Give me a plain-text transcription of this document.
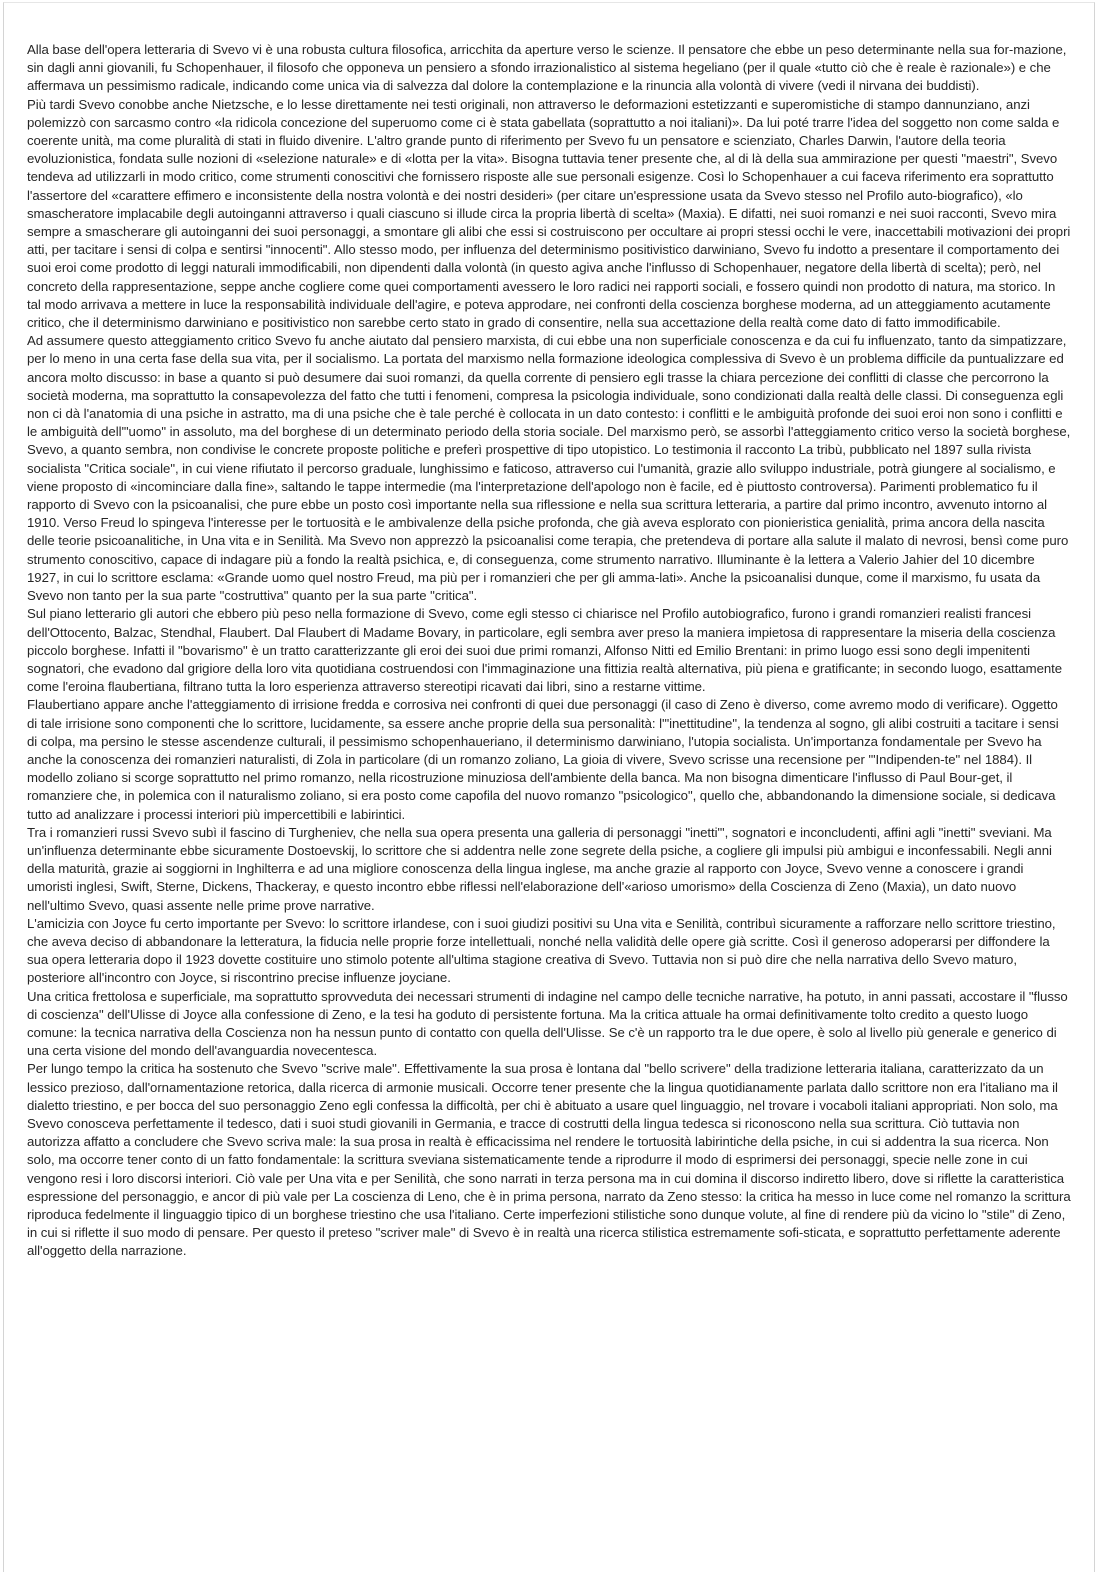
Alla base dell'opera letteraria di Svevo vi è una robusta cultura filosofica, arricchita da aperture verso le scienze. Il pensatore che ebbe un peso determinante nella sua for-mazione, sin dagli anni giovanili, fu Schopenhauer, il filosofo che opponeva un pensiero a sfondo irrazionalistico al sistema hegeliano (per il quale «tutto ciò che è reale è razionale») e che affermava un pessimismo radicale, indicando come unica via di salvezza dal dolore la contemplazione e la rinuncia alla volontà di vivere (vedi il nirvana dei buddisti).

Più tardi Svevo conobbe anche Nietzsche, e lo lesse direttamente nei testi originali, non attraverso le deformazioni estetizzanti e superomistiche di stampo dannunziano, anzi polemizzò con sarcasmo contro «la ridicola concezione del superuomo come ci è stata gabellata (soprattutto a noi italiani)». Da lui poté trarre l'idea del soggetto non come salda e coerente unità, ma come pluralità di stati in fluido divenire. L'altro grande punto di riferimento per Svevo fu un pensatore e scienziato, Charles Darwin, l'autore della teoria evoluzionistica, fondata sulle nozioni di «selezione naturale» e di «lotta per la vita». Bisogna tuttavia tener presente che, al di là della sua ammirazione per questi "maestri", Svevo tendeva ad utilizzarli in modo critico, come strumenti conoscitivi che fornissero risposte alle sue personali esigenze. Così lo Schopenhauer a cui faceva riferimento era soprattutto l'assertore del «carattere effimero e inconsistente della nostra volontà e dei nostri desideri» (per citare un'espressione usata da Svevo stesso nel Profilo auto-biografico), «lo smascheratore implacabile degli autoinganni attraverso i quali ciascuno si illude circa la propria libertà di scelta» (Maxia). E difatti, nei suoi romanzi e nei suoi racconti, Svevo mira sempre a smascherare gli autoinganni dei suoi personaggi, a smontare gli alibi che essi si costruiscono per occultare ai propri stessi occhi le vere, inaccettabili motivazioni dei propri atti, per tacitare i sensi di colpa e sentirsi "innocenti". Allo stesso modo, per influenza del determinismo positivistico darwiniano, Svevo fu indotto a presentare il comportamento dei suoi eroi come prodotto di leggi naturali immodificabili, non dipendenti dalla volontà (in questo agiva anche l'influsso di Schopenhauer, negatore della libertà di scelta); però, nel concreto della rappresentazione, seppe anche cogliere come quei comportamenti avessero le loro radici nei rapporti sociali, e fossero quindi non prodotto di natura, ma storico. In tal modo arrivava a mettere in luce la responsabilità individuale dell'agire, e poteva approdare, nei confronti della coscienza borghese moderna, ad un atteggiamento acutamente critico, che il determinismo darwiniano e positivistico non sarebbe certo stato in grado di consentire, nella sua accettazione della realtà come dato di fatto immodificabile.

Ad assumere questo atteggiamento critico Svevo fu anche aiutato dal pensiero marxista, di cui ebbe una non superficiale conoscenza e da cui fu influenzato, tanto da simpatizzare, per lo meno in una certa fase della sua vita, per il socialismo. La portata del marxismo nella formazione ideologica complessiva di Svevo è un problema difficile da puntualizzare ed ancora molto discusso: in base a quanto si può desumere dai suoi romanzi, da quella corrente di pensiero egli trasse la chiara percezione dei conflitti di classe che percorrono la società moderna, ma soprattutto la consapevolezza del fatto che tutti i fenomeni, compresa la psicologia individuale, sono condizionati dalla realtà delle classi. Di conseguenza egli non ci dà l'anatomia di una psiche in astratto, ma di una psiche che è tale perché è collocata in un dato contesto: i conflitti e le ambiguità profonde dei suoi eroi non sono i conflitti e le ambiguità dell'"uomo" in assoluto, ma del borghese di un determinato periodo della storia sociale. Del marxismo però, se assorbì l'atteggiamento critico verso la società borghese, Svevo, a quanto sembra, non condivise le concrete proposte politiche e preferì prospettive di tipo utopistico. Lo testimonia il racconto La tribù, pubblicato nel 1897 sulla rivista socialista "Critica sociale", in cui viene rifiutato il percorso graduale, lunghissimo e faticoso, attraverso cui l'umanità, grazie allo sviluppo industriale, potrà giungere al socialismo, e viene proposto di «incominciare dalla fine», saltando le tappe intermedie (ma l'interpretazione dell'apologo non è facile, ed è piuttosto controversa). Parimenti problematico fu il rapporto di Svevo con la psicoanalisi, che pure ebbe un posto così importante nella sua riflessione e nella sua scrittura letteraria, a partire dal primo incontro, avvenuto intorno al 1910. Verso Freud lo spingeva l'interesse per le tortuosità e le ambivalenze della psiche profonda, che già aveva esplorato con pionieristica genialità, prima ancora della nascita delle teorie psicoanalitiche, in Una vita e in Senilità. Ma Svevo non apprezzò la psicoanalisi come terapia, che pretendeva di portare alla salute il malato di nevrosi, bensì come puro strumento conoscitivo, capace di indagare più a fondo la realtà psichica, e, di conseguenza, come strumento narrativo. Illuminante è la lettera a Valerio Jahier del 10 dicembre 1927, in cui lo scrittore esclama: «Grande uomo quel nostro Freud, ma più per i romanzieri che per gli amma-lati». Anche la psicoanalisi dunque, come il marxismo, fu usata da Svevo non tanto per la sua parte "costruttiva" quanto per la sua parte "critica".

Sul piano letterario gli autori che ebbero più peso nella formazione di Svevo, come egli stesso ci chiarisce nel Profilo autobiografico, furono i grandi romanzieri realisti francesi dell'Ottocento, Balzac, Stendhal, Flaubert. Dal Flaubert di Madame Bovary, in particolare, egli sembra aver preso la maniera impietosa di rappresentare la miseria della coscienza piccolo borghese. Infatti il "bovarismo" è un tratto caratterizzante gli eroi dei suoi due primi romanzi, Alfonso Nitti ed Emilio Brentani: in primo luogo essi sono degli impenitenti sognatori, che evadono dal grigiore della loro vita quotidiana costruendosi con l'immaginazione una fittizia realtà alternativa, più piena e gratificante; in secondo luogo, esattamente come l'eroina flaubertiana, filtrano tutta la loro esperienza attraverso stereotipi ricavati dai libri, sino a restarne vittime.

Flaubertiano appare anche l'atteggiamento di irrisione fredda e corrosiva nei confronti di quei due personaggi (il caso di Zeno è diverso, come avremo modo di verificare). Oggetto di tale irrisione sono componenti che lo scrittore, lucidamente, sa essere anche proprie della sua personalità: l'"inettitudine", la tendenza al sogno, gli alibi costruiti a tacitare i sensi di colpa, ma persino le stesse ascendenze culturali, il pessimismo schopenhaueriano, il determinismo darwiniano, l'utopia socialista. Un'importanza fondamentale per Svevo ha anche la conoscenza dei romanzieri naturalisti, di Zola in particolare (di un romanzo zoliano, La gioia di vivere, Svevo scrisse una recensione per "'Indipenden-te" nel 1884). Il modello zoliano si scorge soprattutto nel primo romanzo, nella ricostruzione minuziosa dell'ambiente della banca. Ma non bisogna dimenticare l'influsso di Paul Bour-get, il romanziere che, in polemica con il naturalismo zoliano, si era posto come capofila del nuovo romanzo "psicologico", quello che, abbandonando la dimensione sociale, si dedicava tutto ad analizzare i processi interiori più impercettibili e labirintici.

Tra i romanzieri russi Svevo subì il fascino di Turgheniev, che nella sua opera presenta una galleria di personaggi "inetti"', sognatori e inconcludenti, affini agli "inetti" sveviani. Ma un'influenza determinante ebbe sicuramente Dostoevskij, lo scrittore che si addentra nelle zone segrete della psiche, a cogliere gli impulsi più ambigui e inconfessabili. Negli anni della maturità, grazie ai soggiorni in Inghilterra e ad una migliore conoscenza della lingua inglese, ma anche grazie al rapporto con Joyce, Svevo venne a conoscere i grandi umoristi inglesi, Swift, Sterne, Dickens, Thackeray, e questo incontro ebbe riflessi nell'elaborazione dell'«arioso umorismo» della Coscienza di Zeno (Maxia), un dato nuovo nell'ultimo Svevo, quasi assente nelle prime prove narrative.

L'amicizia con Joyce fu certo importante per Svevo: lo scrittore irlandese, con i suoi giudizi positivi su Una vita e Senilità, contribuì sicuramente a rafforzare nello scrittore triestino, che aveva deciso di abbandonare la letteratura, la fiducia nelle proprie forze intellettuali, nonché nella validità delle opere già scritte. Così il generoso adoperarsi per diffondere la sua opera letteraria dopo il 1923 dovette costituire uno stimolo potente all'ultima stagione creativa di Svevo. Tuttavia non si può dire che nella narrativa dello Svevo maturo, posteriore all'incontro con Joyce, si riscontrino precise influenze joyciane.

Una critica frettolosa e superficiale, ma soprattutto sprovveduta dei necessari strumenti di indagine nel campo delle tecniche narrative, ha potuto, in anni passati, accostare il "flusso di coscienza" dell'Ulisse di Joyce alla confessione di Zeno, e la tesi ha goduto di persistente fortuna. Ma la critica attuale ha ormai definitivamente tolto credito a questo luogo comune: la tecnica narrativa della Coscienza non ha nessun punto di contatto con quella dell'Ulisse. Se c'è un rapporto tra le due opere, è solo al livello più generale e generico di una certa visione del mondo dell'avanguardia novecentesca.

Per lungo tempo la critica ha sostenuto che Svevo "scrive male". Effettivamente la sua prosa è lontana dal "bello scrivere" della tradizione letteraria italiana, caratterizzato da un lessico prezioso, dall'ornamentazione retorica, dalla ricerca di armonie musicali. Occorre tener presente che la lingua quotidianamente parlata dallo scrittore non era l'italiano ma il dialetto triestino, e per bocca del suo personaggio Zeno egli confessa la difficoltà, per chi è abituato a usare quel linguaggio, nel trovare i vocaboli italiani appropriati. Non solo, ma Svevo conosceva perfettamente il tedesco, dati i suoi studi giovanili in Germania, e tracce di costrutti della lingua tedesca si riconoscono nella sua scrittura. Ciò tuttavia non autorizza affatto a concludere che Svevo scriva male: la sua prosa in realtà è efficacissima nel rendere le tortuosità labirintiche della psiche, in cui si addentra la sua ricerca. Non solo, ma occorre tener conto di un fatto fondamentale: la scrittura sveviana sistematicamente tende a riprodurre il modo di esprimersi dei personaggi, specie nelle zone in cui vengono resi i loro discorsi interiori. Ciò vale per Una vita e per Senilità, che sono narrati in terza persona ma in cui domina il discorso indiretto libero, dove si riflette la caratteristica espressione del personaggio, e ancor di più vale per La coscienza di Leno, che è in prima persona, narrato da Zeno stesso: la critica ha messo in luce come nel romanzo la scrittura riproduca fedelmente il linguaggio tipico di un borghese triestino che usa l'italiano. Certe imperfezioni stilistiche sono dunque volute, al fine di rendere più da vicino lo "stile" di Zeno, in cui si riflette il suo modo di pensare. Per questo il preteso "scriver male" di Svevo è in realtà una ricerca stilistica estremamente sofi-sticata, e soprattutto perfettamente aderente all'oggetto della narrazione.
